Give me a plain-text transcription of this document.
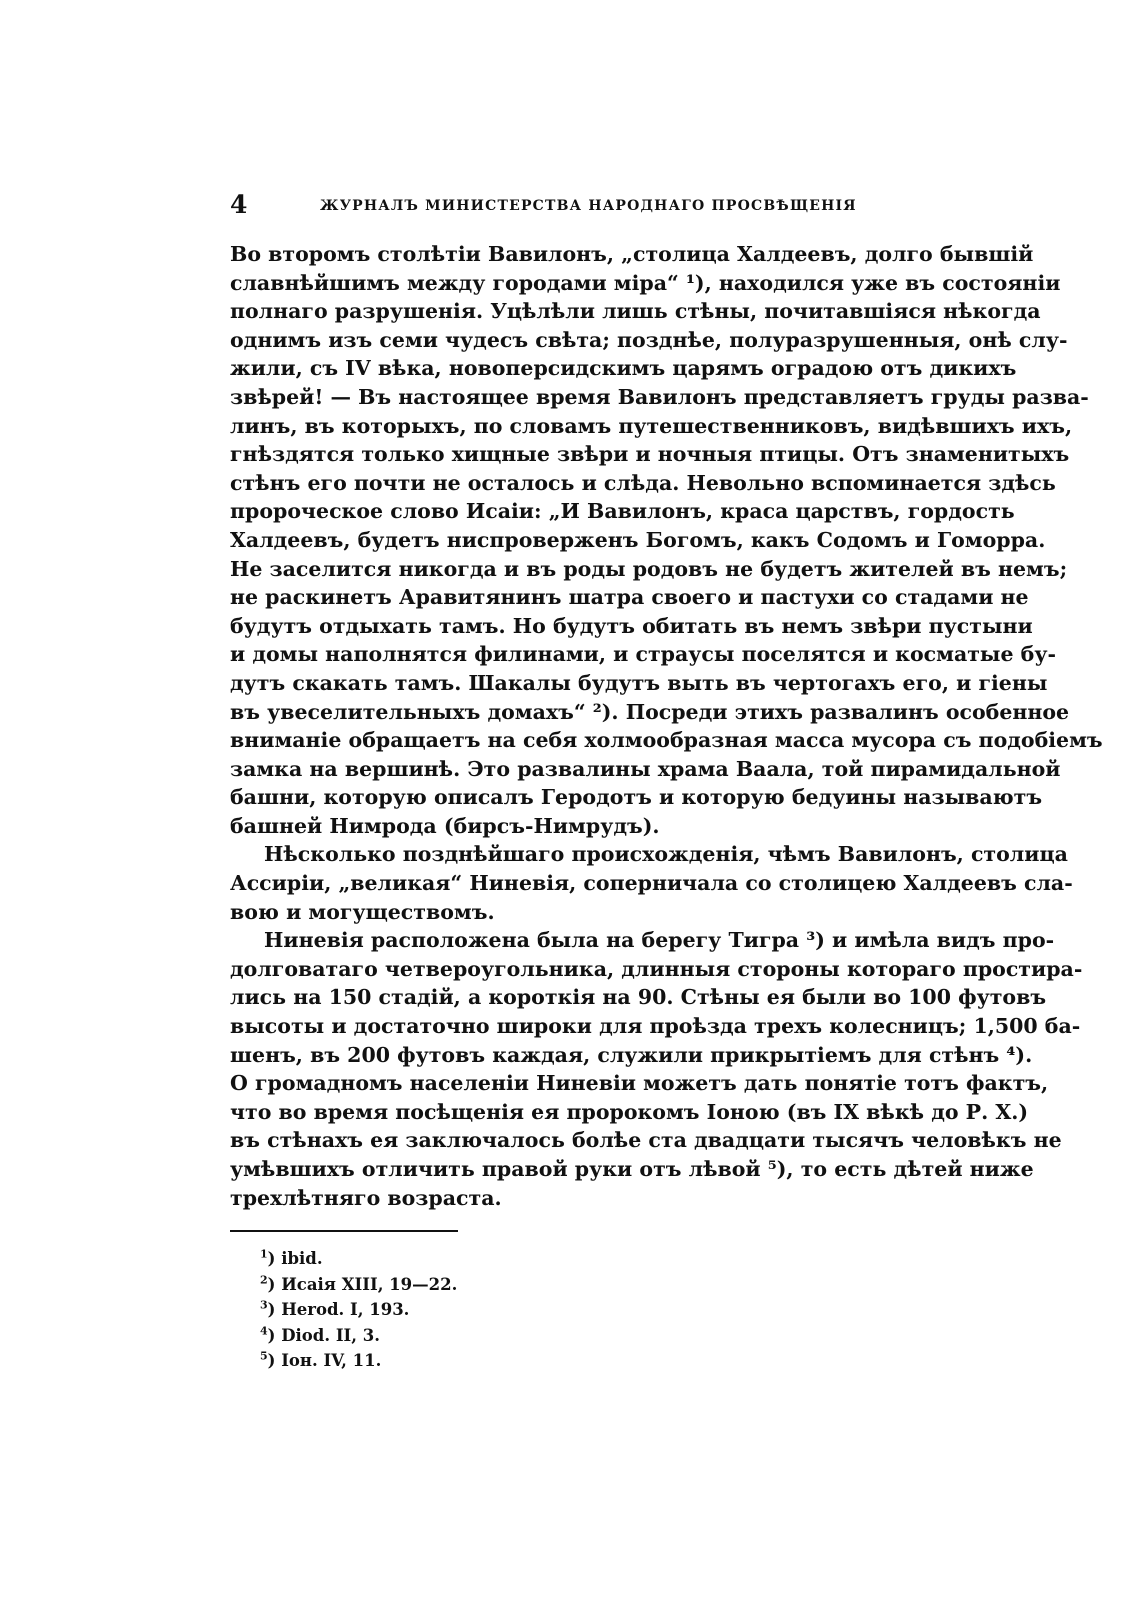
4	ЖУРНАЛЪ МИНИСТЕРСТВА НАРОДНАГО ПРОСВѢЩЕНІЯ
Во второмъ столѣтіи Вавилонъ, „столица Халдеевъ, долго бывшій
славнѣйшимъ между городами міра“ ¹), находился уже въ состояніи
полнаго разрушенія. Уцѣлѣли лишь стѣны, почитавшіяся нѣкогда
однимъ изъ семи чудесъ свѣта; позднѣе, полуразрушенныя, онѣ слу-
жили, съ IV вѣка, новоперсидскимъ царямъ оградою отъ дикихъ
звѣрей! — Въ настоящее время Вавилонъ представляетъ груды разва-
линъ, въ которыхъ, по словамъ путешественниковъ, видѣвшихъ ихъ,
гнѣздятся только хищные звѣри и ночныя птицы. Отъ знаменитыхъ
стѣнъ его почти не осталось и слѣда. Невольно вспоминается здѣсь
пророческое слово Исаіи: „И Вавилонъ, краса царствъ, гордость
Халдеевъ, будетъ ниспроверженъ Богомъ, какъ Содомъ и Гоморра.
Не заселится никогда и въ роды родовъ не будетъ жителей въ немъ;
не раскинетъ Аравитянинъ шатра своего и пастухи со стадами не
будутъ отдыхать тамъ. Но будутъ обитать въ немъ звѣри пустыни
и домы наполнятся филинами, и страусы поселятся и косматые бу-
дутъ скакать тамъ. Шакалы будутъ выть въ чертогахъ его, и гіены
въ увеселительныхъ домахъ“ ²). Посреди этихъ развалинъ особенное
вниманіе обращаетъ на себя холмообразная масса мусора съ подобіемъ
замка на вершинѣ. Это развалины храма Ваала, той пирамидальной
башни, которую описалъ Геродотъ и которую бедуины называютъ
башней Нимрода (бирсъ-Нимрудъ).
Нѣсколько позднѣйшаго происхожденія, чѣмъ Вавилонъ, столица
Ассиріи, „великая“ Ниневія, соперничала со столицею Халдеевъ сла-
вою и могуществомъ.
Ниневія расположена была на берегу Тигра ³) и имѣла видъ про-
долговатаго четвероугольника, длинныя стороны котораго простира-
лись на 150 стадій, а короткія на 90. Стѣны ея были во 100 футовъ
высоты и достаточно широки для проѣзда трехъ колесницъ; 1,500 ба-
шенъ, въ 200 футовъ каждая, служили прикрытіемъ для стѣнъ ⁴).
О громадномъ населеніи Ниневіи можетъ дать понятіе тотъ фактъ,
что во время посѣщенія ея пророкомъ Іоною (въ IX вѣкѣ до Р. Х.)
въ стѣнахъ ея заключалось болѣе ста двадцати тысячъ человѣкъ не
умѣвшихъ отличить правой руки отъ лѣвой ⁵), то есть дѣтей ниже
трехлѣтняго возраста.
$^1$) ibid.
$^2$) Исаія XIII, 19—22.
$^3$) Herod. I, 193.
$^4$) Diod. II, 3.
$^5$) Іон. IV, 11.
